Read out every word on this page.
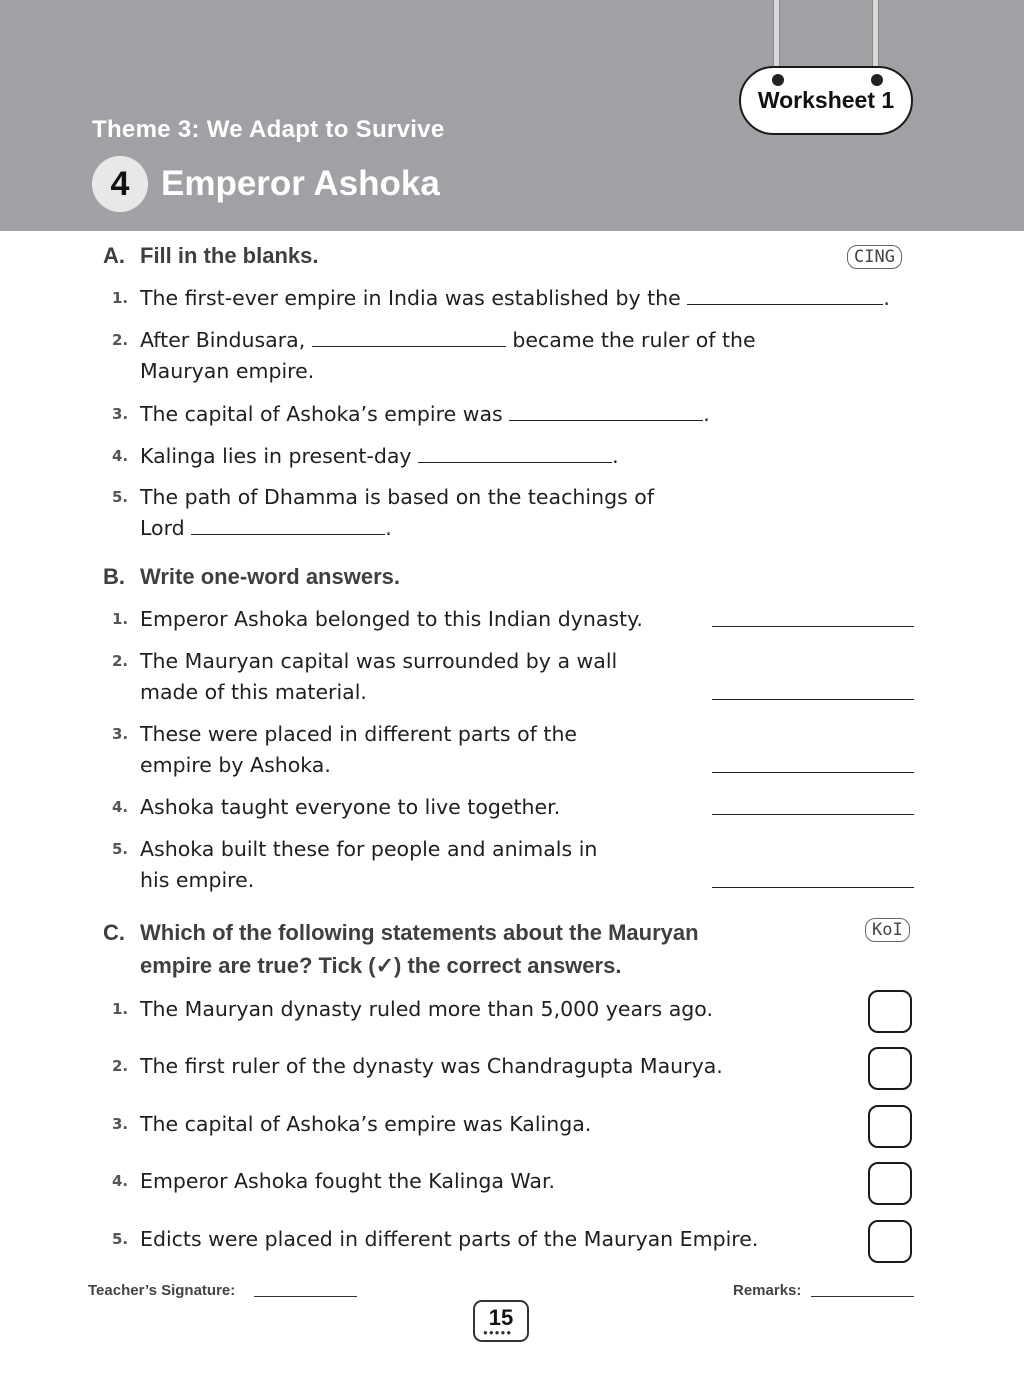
Worksheet 1
Theme 3: We Adapt to Survive
4 Emperor Ashoka
A. Fill in the blanks.	CING
1. The first-ever empire in India was established by the	.
2. After Bindusara,	became the ruler of the
Mauryan empire.
3. The capital of Ashoka’s empire was	.
4. Kalinga lies in present-day	.
5. The path of Dhamma is based on the teachings of
Lord	.
B. Write one-word answers.
1. Emperor Ashoka belonged to this Indian dynasty.
2. The Mauryan capital was surrounded by a wall
made of this material.
3. These were placed in different parts of the
empire by Ashoka.
4. Ashoka taught everyone to live together.
5. Ashoka built these for people and animals in
his empire.
C. Which of the following statements about the Mauryan
empire are true? Tick (✓) the correct answers.
KoI
1. The Mauryan dynasty ruled more than 5,000 years ago.
2. The first ruler of the dynasty was Chandragupta Maurya.
3. The capital of Ashoka’s empire was Kalinga.
4. Emperor Ashoka fought the Kalinga War.
5. Edicts were placed in different parts of the Mauryan Empire.
Teacher’s Signature:	Remarks:
15
●●●●●
